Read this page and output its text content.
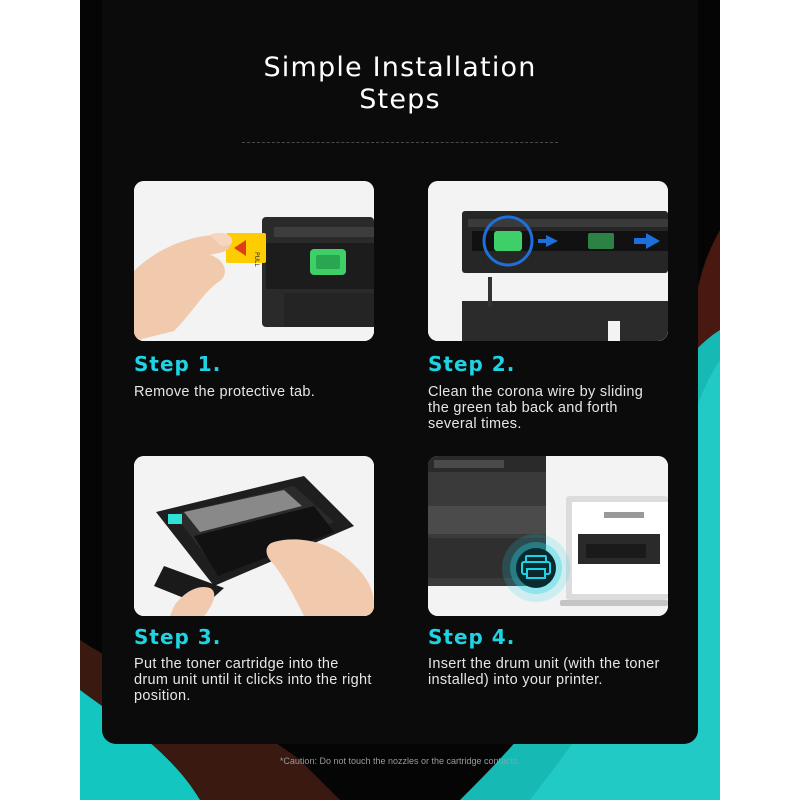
Simple Installation
Steps
PULL
Step 1.

Remove the protective tab.

Step 2.

Clean the corona wire by sliding the green tab back and forth several times.

Step 3.

Put the toner cartridge into the drum unit until it clicks into the right position.

Step 4.

Insert the drum unit (with the toner installed) into your printer.

*Caution: Do not touch the nozzles or the cartridge contacts.
